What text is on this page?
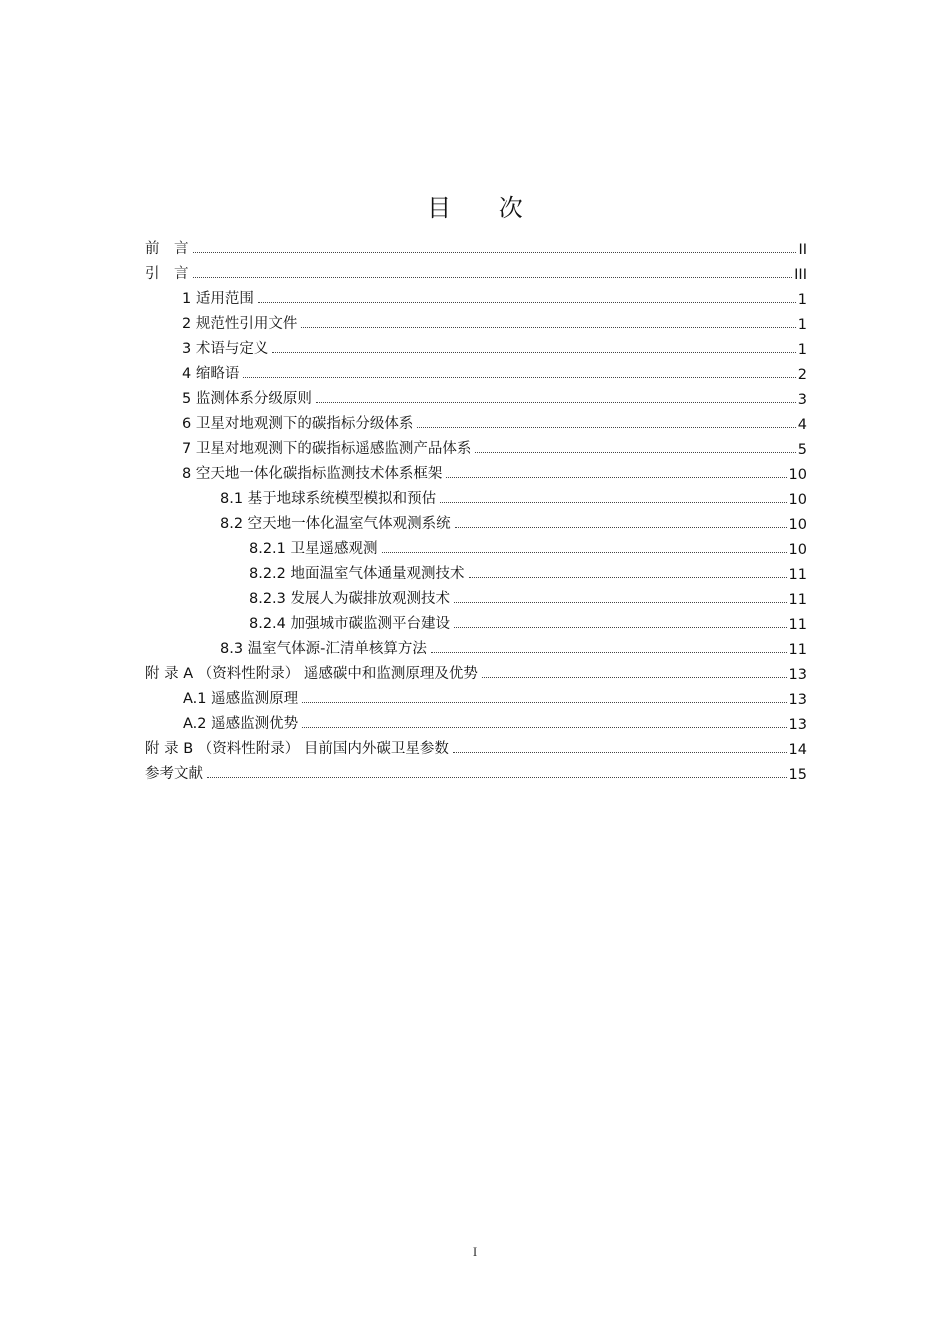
目 次
前　言	II
引　言	III
1 适用范围	1
2 规范性引用文件	1
3 术语与定义	1
4 缩略语	2
5 监测体系分级原则	3
6 卫星对地观测下的碳指标分级体系	4
7 卫星对地观测下的碳指标遥感监测产品体系	5
8 空天地一体化碳指标监测技术体系框架	10
8.1 基于地球系统模型模拟和预估	10
8.2 空天地一体化温室气体观测系统	10
8.2.1 卫星遥感观测	10
8.2.2 地面温室气体通量观测技术	11
8.2.3 发展人为碳排放观测技术	11
8.2.4 加强城市碳监测平台建设	11
8.3 温室气体源-汇清单核算方法	11
附 录 A （资料性附录） 遥感碳中和监测原理及优势	13
A.1 遥感监测原理	13
A.2 遥感监测优势	13
附 录 B （资料性附录） 目前国内外碳卫星参数	14
参考文献	15
I
